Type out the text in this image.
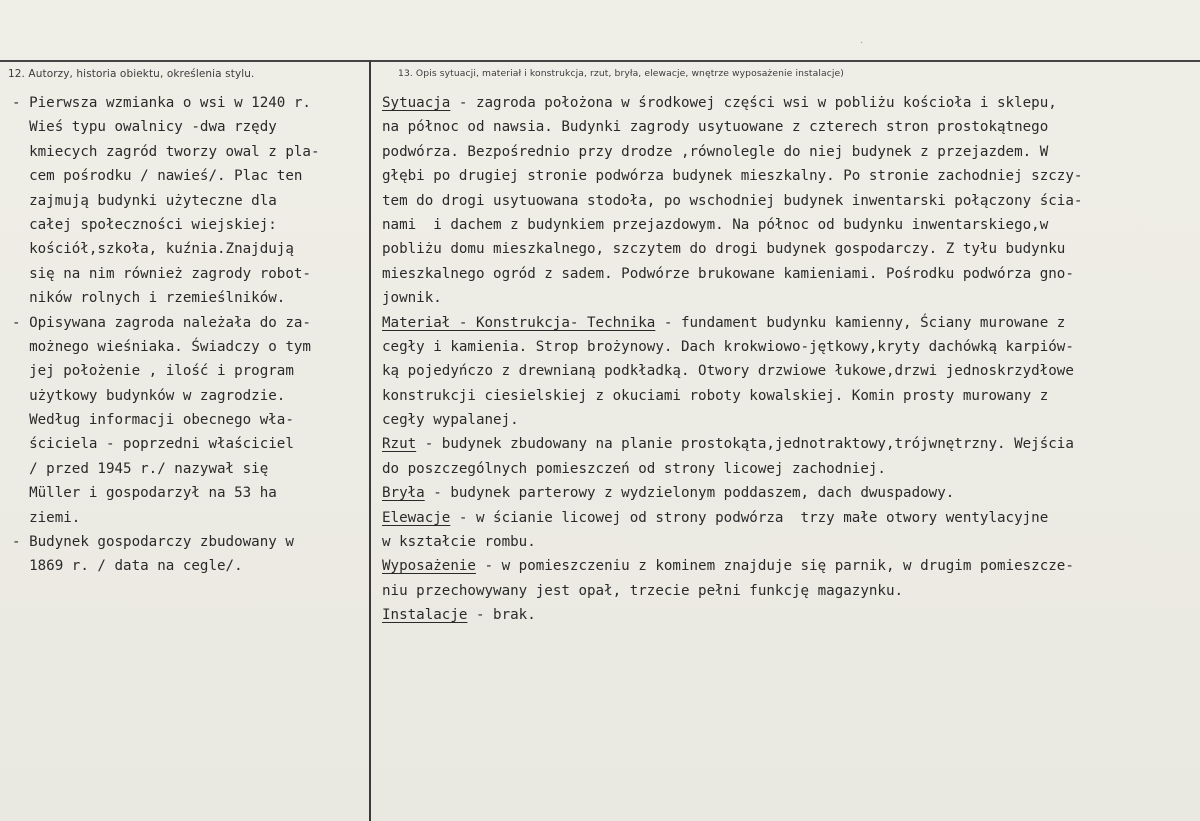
·
12. Autorzy, historia obiektu, określenia stylu.	13. Opis sytuacji, materiał i konstrukcja, rzut, bryła, elewacje, wnętrze wyposażenie instalacje)
- Pierwsza wzmianka o wsi w 1240 r.
Wieś typu owalnicy -dwa rzędy
kmiecych zagród tworzy owal z pla-
cem pośrodku / nawieś/. Plac ten
zajmują budynki użyteczne dla
całej społeczności wiejskiej:
kościół,szkoła, kuźnia.Znajdują
się na nim również zagrody robot-
ników rolnych i rzemieślników.
- Opisywana zagroda należała do za-
możnego wieśniaka. Świadczy o tym
jej położenie , ilość i program
użytkowy budynków w zagrodzie.
Według informacji obecnego wła-
ściciela - poprzedni właściciel
/ przed 1945 r./ nazywał się
Müller i gospodarzył na 53 ha
ziemi.
- Budynek gospodarczy zbudowany w
1869 r. / data na cegle/.
Sytuacja - zagroda położona w środkowej części wsi w pobliżu kościoła i sklepu,
na północ od nawsia. Budynki zagrody usytuowane z czterech stron prostokątnego
podwórza. Bezpośrednio przy drodze ,równolegle do niej budynek z przejazdem. W
głębi po drugiej stronie podwórza budynek mieszkalny. Po stronie zachodniej szczy-
tem do drogi usytuowana stodoła, po wschodniej budynek inwentarski połączony ścia-
nami  i dachem z budynkiem przejazdowym. Na północ od budynku inwentarskiego,w
pobliżu domu mieszkalnego, szczytem do drogi budynek gospodarczy. Z tyłu budynku
mieszkalnego ogród z sadem. Podwórze brukowane kamieniami. Pośrodku podwórza gno-
jownik.
Materiał - Konstrukcja- Technika - fundament budynku kamienny, Ściany murowane z
cegły i kamienia. Strop brożynowy. Dach krokwiowo-jętkowy,kryty dachówką karpiów-
ką pojedyńczo z drewnianą podkładką. Otwory drzwiowe łukowe,drzwi jednoskrzydłowe
konstrukcji ciesielskiej z okuciami roboty kowalskiej. Komin prosty murowany z
cegły wypalanej.
Rzut - budynek zbudowany na planie prostokąta,jednotraktowy,trójwnętrzny. Wejścia
do poszczególnych pomieszczeń od strony licowej zachodniej.
Bryła - budynek parterowy z wydzielonym poddaszem, dach dwuspadowy.
Elewacje - w ścianie licowej od strony podwórza  trzy małe otwory wentylacyjne
w kształcie rombu.
Wyposażenie - w pomieszczeniu z kominem znajduje się parnik, w drugim pomieszcze-
niu przechowywany jest opał, trzecie pełni funkcję magazynku.
Instalacje - brak.
